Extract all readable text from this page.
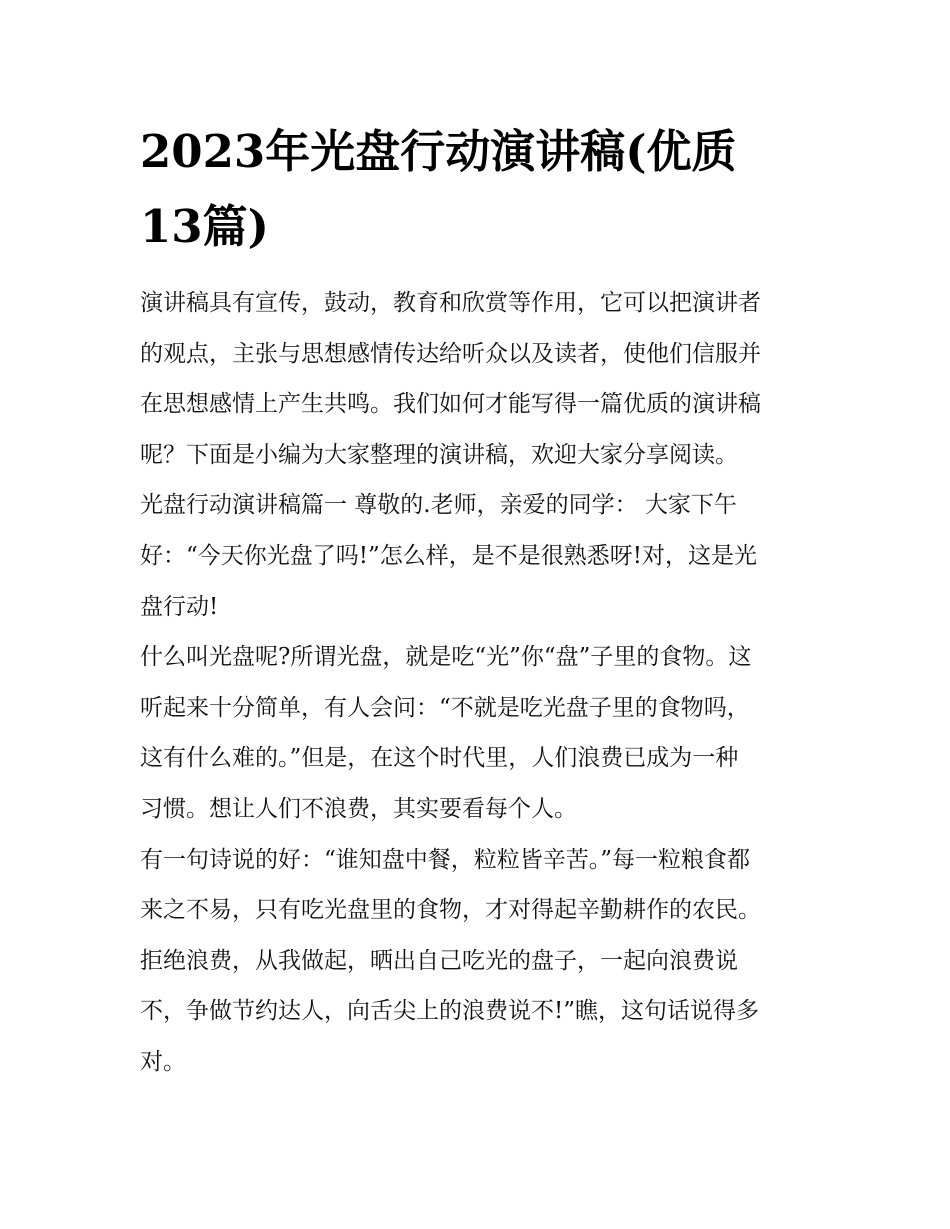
2023年光盘行动演讲稿(优质
13篇)
演讲稿具有宣传，鼓动，教育和欣赏等作用，它可以把演讲者
的观点，主张与思想感情传达给听众以及读者，使他们信服并
在思想感情上产生共鸣。我们如何才能写得一篇优质的演讲稿
呢？下面是小编为大家整理的演讲稿，欢迎大家分享阅读。
光盘行动演讲稿篇一 尊敬的.老师，亲爱的同学： 大家下午
好：“今天你光盘了吗!”怎么样，是不是很熟悉呀!对，这是光
盘行动!
什么叫光盘呢?所谓光盘，就是吃“光”你“盘”子里的食物。这
听起来十分简单，有人会问：“不就是吃光盘子里的食物吗，
这有什么难的。”但是，在这个时代里，人们浪费已成为一种
习惯。想让人们不浪费，其实要看每个人。
有一句诗说的好：“谁知盘中餐，粒粒皆辛苦。”每一粒粮食都
来之不易，只有吃光盘里的食物，才对得起辛勤耕作的农民。
拒绝浪费，从我做起，晒出自己吃光的盘子，一起向浪费说
不，争做节约达人，向舌尖上的浪费说不!”瞧，这句话说得多
对。
